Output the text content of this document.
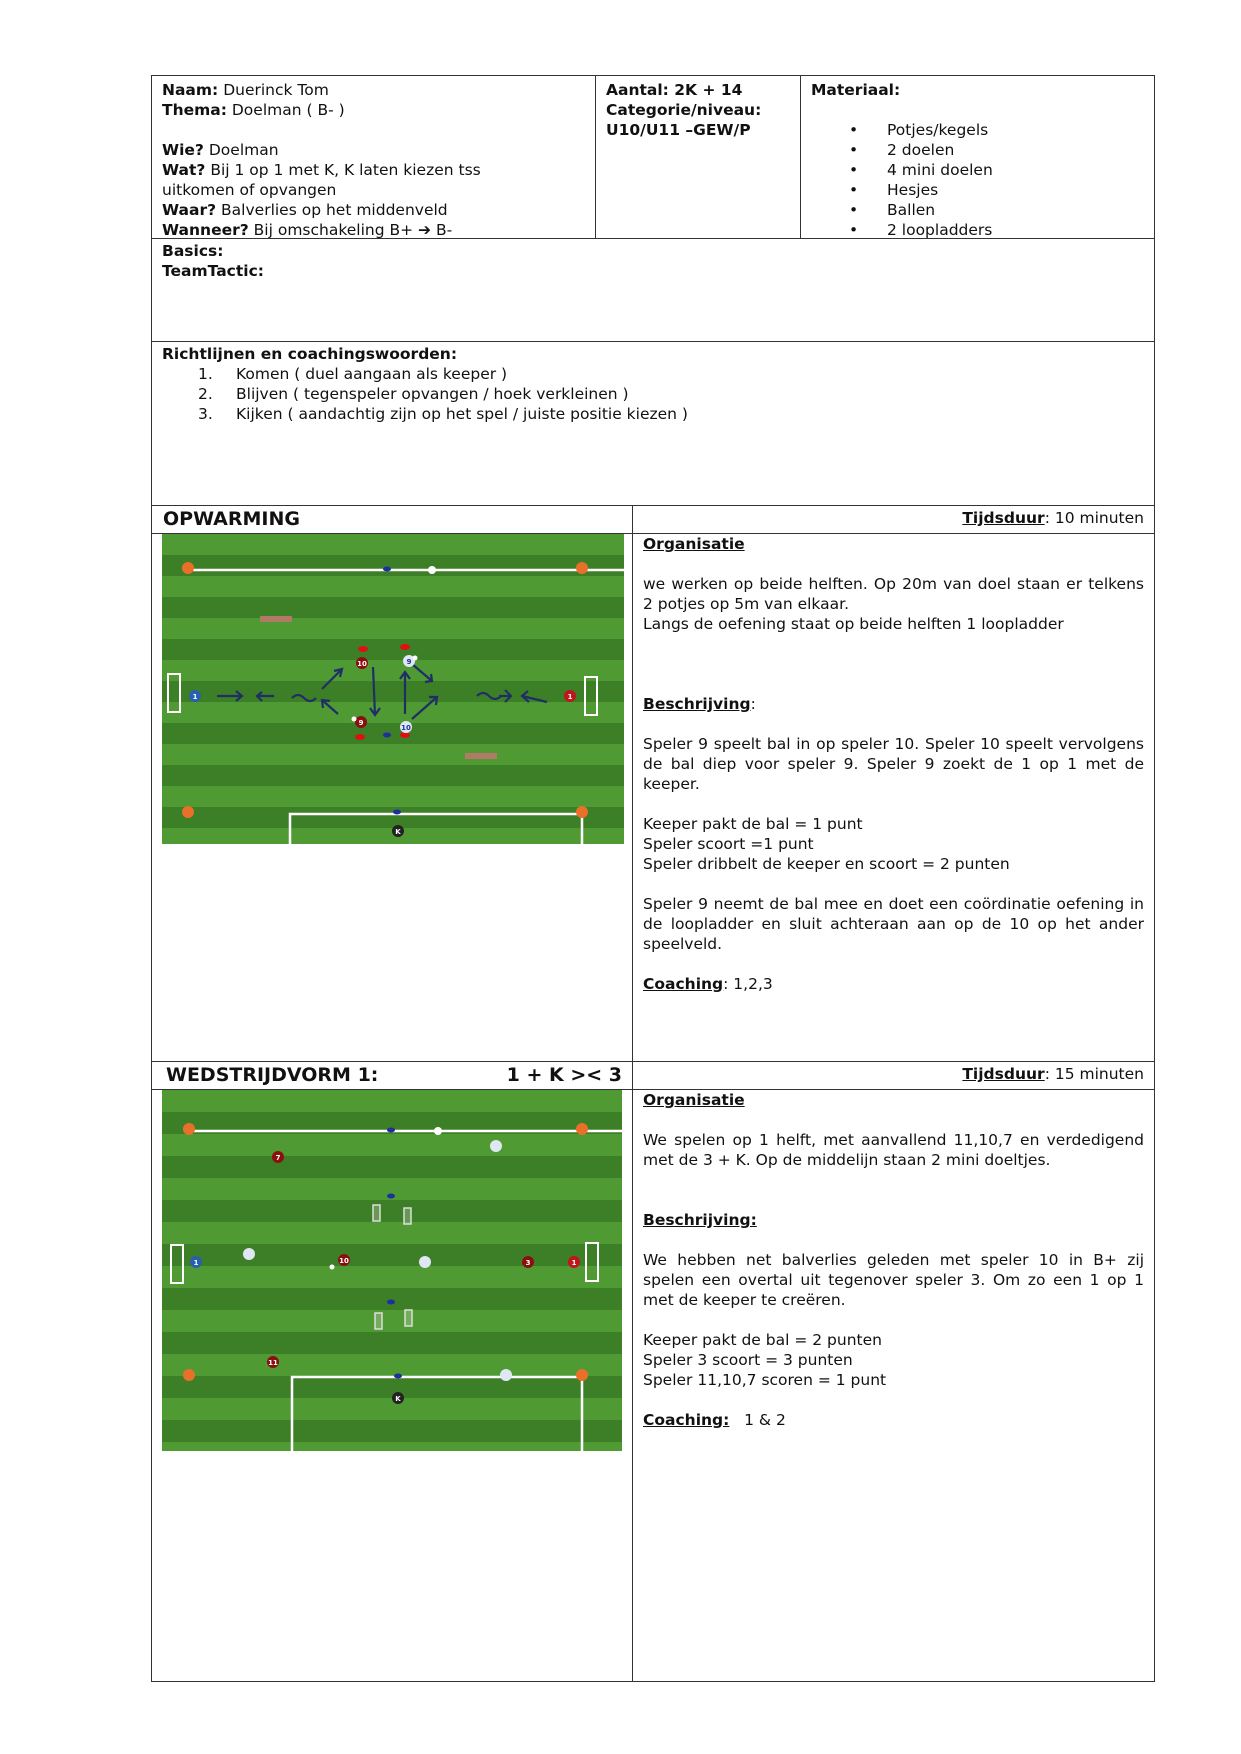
Naam: Duerinck Tom
Thema: Doelman ( B- )
Wie? Doelman
Wat? Bij 1 op 1 met K, K laten kiezen tss uitkomen of opvangen
Waar? Balverlies op het middenveld
Wanneer? Bij omschakeling B+ ➔ B-
Aantal: 2K + 14
Categorie/niveau:
U10/U11 –GEW/P
Materiaal:
• Potjes/kegels
• 2 doelen
• 4 mini doelen
• Hesjes
• Ballen
• 2 loopladders
Basics:
TeamTactic:
Richtlijnen en coachingswoorden:
1. Komen ( duel aangaan als keeper )
2. Blijven ( tegenspeler opvangen / hoek verkleinen )
3. Kijken ( aandachtig zijn op het spel / juiste positie kiezen )
OPWARMING	Tijdsduur: 10 minuten
10	9
10
9
1	1
K
Organisatie
we werken op beide helften. Op 20m van doel staan er telkens 2 potjes op 5m van elkaar.
Langs de oefening staat op beide helften 1 loopladder
Beschrijving:
Speler 9 speelt bal in op speler 10. Speler 10 speelt vervolgens de bal diep voor speler 9. Speler 9 zoekt de 1 op 1 met de keeper.
Keeper pakt de bal = 1 punt
Speler scoort =1 punt
Speler dribbelt de keeper en scoort = 2 punten
Speler 9 neemt de bal mee en doet een coördinatie oefening in de loopladder en sluit achteraan aan op de 10 op het ander speelveld.
Coaching: 1,2,3
WEDSTRIJDVORM 1:	1 + K >< 3	Tijdsduur: 15 minuten
7
10	3	1
1
11
K
Organisatie
We spelen op 1 helft, met aanvallend 11,10,7 en verdedigend met de 3 + K. Op de middelijn staan 2 mini doeltjes.
Beschrijving:
We hebben net balverlies geleden met speler 10 in B+ zij spelen een overtal uit tegenover speler 3. Om zo een 1 op 1 met de keeper te creëren.
Keeper pakt de bal = 2 punten
Speler 3 scoort = 3 punten
Speler 11,10,7 scoren = 1 punt
Coaching: 1 & 2
